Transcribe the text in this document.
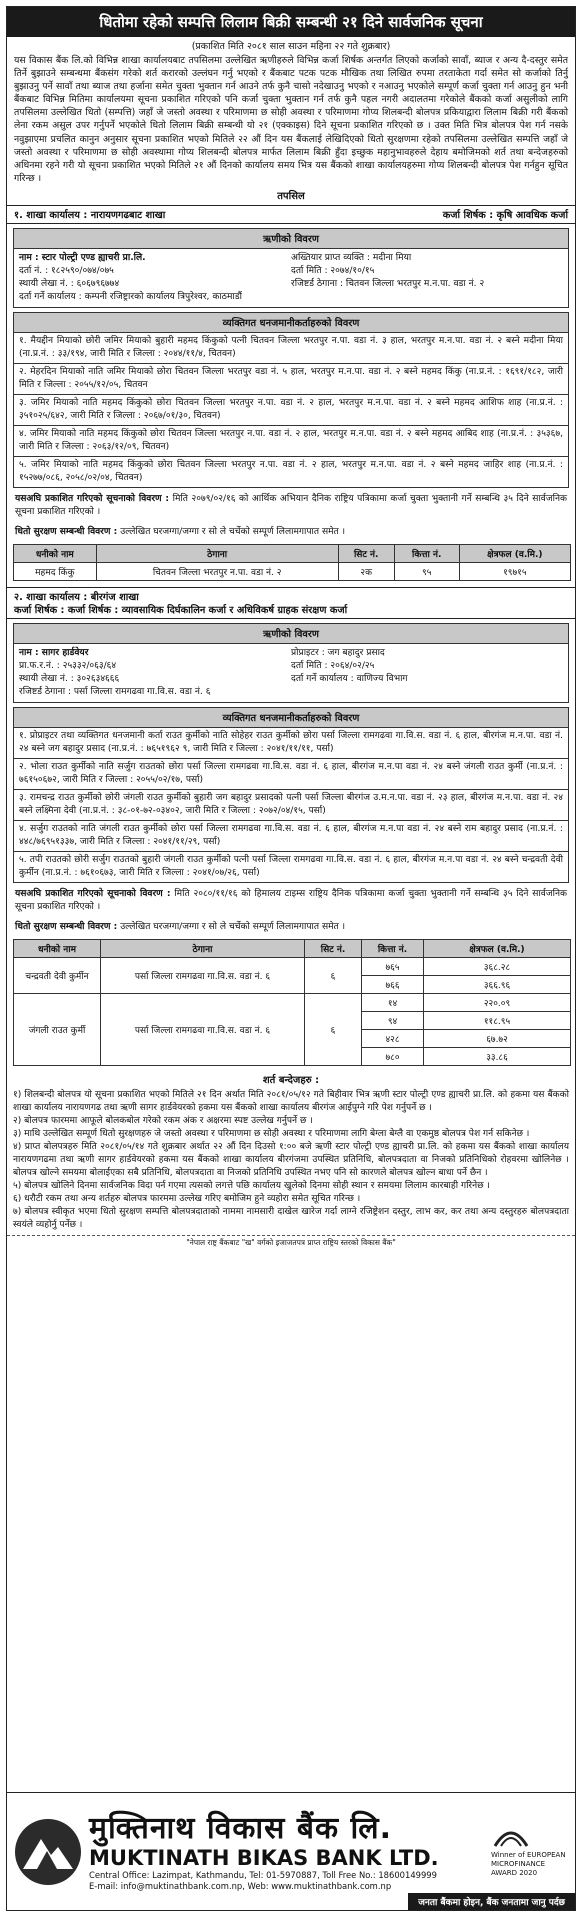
धितोमा रहेको सम्पत्ति लिलाम बिक्री सम्बन्धी २१ दिने सार्वजनिक सूचना
(प्रकाशित मिति २०८१ साल साउन महिना २२ गते शुक्रबार)
यस विकास बैंक लि.को विभिन्न शाखा कार्यालयबाट तपसिलमा उल्लेखित ऋणीहरुले विभिन्न कर्जा शिर्षक अन्तर्गत लिएको कर्जाको सावाँ, ब्याज र अन्य दै-दस्तुर समेत तिर्ने बुझाउने सम्बन्धमा बैंकसंग गरेको शर्त करारको उल्लंघन गर्नु भएको र बैंकबाट पटक पटक मौखिक तथा लिखित रुपमा तरताकेता गर्दा समेत सो कर्जाको तिर्नु बुझाउनु पर्ने सावाँ तथा ब्याज तथा हर्जाना समेत चुक्ता भुक्तान गर्न आउने तर्फ कुनै चासो नदेखाउनु भएको र नआउनु भएकोले सम्पूर्ण कर्जा चुक्ता गर्न आउनु हुन भनी बैंकबाट विभिन्न मितिमा कार्यालयमा सूचना प्रकाशित गरिएको पनि कर्जा चुक्ता भुक्तान गर्न तर्फ कुनै पहल नगरी अदालतमा गरेकोले बैंकको कर्जा असुलीको लागि तपसिलमा उल्लेखित धितो (सम्पत्ति) जहाँ जे जस्तो अवस्था र परिमाणमा छ सोही अवस्था र परिमाणमा गोप्य शिलबन्दी बोलपत्र प्रकियाद्वारा लिलाम बिक्री गरी बैंकको लेना रकम असुल उपर गर्नुपर्ने भएकोले धितो लिलाम बिक्री सम्बन्धी यो २१ (एक्काइस) दिने सूचना प्रकाशित गरिएको छ । उक्त मिति भित्र बोलपत्र पेश गर्न नसके नवुझाएमा प्रचलित कानुन अनुसार सूचना प्रकाशित भएको मितिले २२ औं दिन यस बैंकलाई लेखिदिएको धितो सुरक्षणमा रहेको तपसिलमा उल्लेखित सम्पत्ति जहाँ जे जस्तो अवस्था र परिमाणमा छ सोही अवस्थामा गोप्य शिलबन्दी बोलपत्र मार्फत लिलाम बिक्री हुँदा इच्छुक महानुभावहरुले देहाय बमोजिमको शर्त तथा बन्देजहरुको अधिनमा रहने गरी यो सूचना प्रकाशित भएको मितिले २१ औं दिनको कार्यालय समय भित्र यस बैंकको शाखा कार्यालयहरुमा गोप्य शिलबन्दी बोलपत्र पेश गर्नहुन सूचित गरिन्छ ।
तपसिल
१. शाखा कार्यालय : नारायणगढबाट शाखा	कर्जा शिर्षक : कृषि आवधिक कर्जा
ऋणीको विवरण
नाम : स्टार पोल्ट्री एण्ड ह्याचरी प्रा.लि.	अख्तियार प्राप्त व्यक्ति : मदीना मिया
दर्ता नं. : १८२५९०/०७४/०७५	दर्ता मिति : २०७४/१०/१५
स्थायी लेखा नं. : ६०६७९६७७४	रजिष्टर्ड ठेगाना : चितवन जिल्ला भरतपुर म.न.पा. वडा नं. २
दर्ता गर्ने कार्यालय : कम्पनी रजिष्ट्रारको कार्यालय त्रिपुरेश्वर, काठमाडौं
व्यक्तिगत धनजमानीकर्ताहरुको विवरण
१. मैयद्दीन मियाको छोरी जमिर मियाको बुहारी महमद किंकुको पत्नी चितवन जिल्ला भरतपुर न.पा. वडा नं. ३ हाल, भरतपुर म.न.पा. वडा नं. २ बस्ने मदीना मिया (ना.प्र.नं. : ३३/१९४, जारी मिति र जिल्ला : २०४४/११/४, चितवन)
२. मेहरदिन मियाको नाति जमिर मियाको छोरा चितवन जिल्ला भरतपुर वडा नं. ५ हाल, भरतपुर म.न.पा. वडा नं. २ बस्ने महमद किंकु (ना.प्र.नं. : १६९१/१८२, जारी मिति र जिल्ला : २०५५/१२/०५, चितवन
३. जमिर मियाको नाति महमद किंकुको छोरा चितवन जिल्ला भरतपुर न.पा. वडा नं. २ हाल, भरतपुर म.न.पा. वडा नं. २ बस्ने महमद आशिफ शाह (ना.प्र.नं. : ३५१०२५/६४२, जारी मिति र जिल्ला : २०६७/०१/३०, चितवन)
४. जमिर मियाको नाति महमद किंकुको छोरा चितवन जिल्ला भरतपुर न.पा. वडा नं. २ हाल, भरतपुर म.न.पा. वडा नं. २ बस्ने महमद आबिद शाह (ना.प्र.नं. : ३५३६७, जारी मिति र जिल्ला : २०६३/१२/०९, चितवन)
५. जमिर मियाको नाति महमद किंकुको छोरा चितवन जिल्ला भरतपुर न.पा. वडा नं. २ हाल, भरतपुर म.न.पा. वडा नं. २ बस्ने महमद जाहिर शाह (ना.प्र.नं. : १५२७७/०८६, २०५८/०२/०४, चितवन)
यसअघि प्रकाशित गरिएको सूचनाको विवरण : मिति २०७९/०२/१६ को आर्थिक अभियान दैनिक राष्ट्रिय पत्रिकामा कर्जा चुक्ता भुक्तानी गर्ने सम्बन्धि ३५ दिने सार्वजनिक सूचना प्रकाशित गरिएको ।
धितो सुरक्षण सम्बन्धी विवरण : उल्लेखित घरजग्गा/जग्गा र सो ले चर्चेको सम्पूर्ण लिलामगापात समेत ।
धनीको नाम	ठेगाना	सिट नं.	कित्ता नं.	क्षेत्रफल (व.मि.)
महमद किंकु	चितवन जिल्ला भरतपुर न.पा. वडा नं. २	२क	९५	१९७१५
२. शाखा कार्यालय : बीरगंज शाखा
कर्जा शिर्षक : कर्जा शिर्षक : व्यावसायिक दिर्घकालिन कर्जा र अधिविकर्ष ग्राहक संरक्षण कर्जा
ऋणीको विवरण
नाम : सागर हार्डवेयर	प्रोप्राइटर : जग बहादुर प्रसाद
प्रा.फ.र.नं. : २५३३२/०६३/६४	दर्ता मिति : २०६४/०२/२५
स्थायी लेखा नं. : ३०२६३४६६६	दर्ता गर्ने कार्यालय : वाणिज्य विभाग
रजिष्टर्ड ठेगाना : पर्सा जिल्ला रामगढवा गा.वि.स. वडा नं. ६
व्यक्तिगत धनजमानीकर्ताहरुको विवरण
१. प्रोप्राइटर तथा व्यक्तिगत धनजमानी कर्ता राउत कुर्मीको नाति सोहेहर राउत कुर्मीको छोरा पर्सा जिल्ला रामगढवा गा.वि.स. वडा नं. ६ हाल, बीरगंज म.न.पा. वडा नं. २४ बस्ने जग बहादुर प्रसाद (ना.प्र.नं. : ७६५१९६२ ९, जारी मिति र जिल्ला : २०४१/११/११, पर्सा)
२. भोला राउत कुर्मीको नाति सर्जुग राउतको छोरा पर्सा जिल्ला रामगढवा गा.वि.स. वडा नं. ६ हाल, बीरगंज म.न.पा वडा नं. २४ बस्ने जंगली राउत कुर्मी (ना.प्र.नं. : ७६१५०६७२, जारी मिति र जिल्ला : २०५५/०२/१७, पर्सा)
३. रामचन्द्र राउत कुर्मीको छोरी जंगली राउत कुर्मीको बुहारी जग बहादुर प्रसादको पत्नी पर्सा जिल्ला बीरगंज उ.म.न.पा. वडा नं. २३ हाल, बीरगंज म.न.पा. वडा नं. २४ बस्ने लक्ष्मिना देवी (ना.प्र.नं. : ३८-०१-७२-०३४०२, जारी मिति र जिल्ला : २०७२/०४/१५, पर्सा)
४. सर्जुग राउतको नाति जंगली राउत कुर्मीको छोरा पर्सा जिल्ला रामगढवा गा.वि.स. वडा नं. ६ हाल, बीरगंज म.न.पा वडा नं. २४ बस्ने राम बहादुर प्रसाद (ना.प्र.नं. : ४४८/७६९५१३३७, जारी मिति र जिल्ला : २०४१/११/२९, पर्सा)
५. तपी राउतको छोरी सर्जुग राउतको बुहारी जंगली राउत कुर्मीको पत्नी पर्सा जिल्ला रामगढवा गा.वि.स. वडा नं. ६ हाल, बीरगंज म.न.पा वडा नं. २४ बस्ने चन्द्रवती देवी कुर्मीन (ना.प्र.नं. : ७६१०६७३, जारी मिति र जिल्ला : २०४१/०७/२६, पर्सा)
यसअघि प्रकाशित गरिएको सूचनाको विवरण : मिति २०८०/११/१६ को हिमालय टाइम्स राष्ट्रिय दैनिक पत्रिकामा कर्जा चुक्ता भुक्तानी गर्ने सम्बन्धि ३५ दिने सार्वजनिक सूचना प्रकाशित गरिएको ।
धितो सुरक्षण सम्बन्धी विवरण : उल्लेखित घरजग्गा/जग्गा र सो ले चर्चेको सम्पूर्ण लिलामगापात समेत ।
धनीको नाम	ठेगाना	सिट नं.	कित्ता नं.	क्षेत्रफल (व.मि.)
चन्द्रवती देवी कुर्मीन	पर्सा जिल्ला रामगढवा गा.वि.स. वडा नं. ६	६	७६५	३६८.२८
			७६६	३६६.९६
जंगली राउत कुर्मी	पर्सा जिल्ला रामगढवा गा.वि.स. वडा नं. ६	६	१४	२२०.०९
			९४	११८.९५
			४२८	६७.७२
			७८०	३३.८६
शर्त बन्देजहरु :
१) शिलबन्दी बोलपत्र यो सूचना प्रकाशित भएको मितिले २१ दिन अर्थात मिति २०८१/०५/१२ गते बिहीवार भित्र ऋणी स्टार पोल्ट्री एण्ड ह्याचरी प्रा.लि. को हकमा यस बैंकको शाखा कार्यालय नारायणगढ तथा ऋणी सागर हार्डवेयरको हकमा यस बैंकको शाखा कार्यालय बीरगंज आईपुग्ने गरि पेश गर्नुपर्ने छ ।
२) बोलपत्र फारममा आफूले बोलकबोल गरेको रकम अंक र अक्षरमा स्पष्ट उल्लेख गर्नुपर्ने छ ।
३) माथि उल्लेखित सम्पूर्ण धितो सुरक्षणहरु जे जस्तो अवस्था र परिमाणमा छ सोही अवस्था र परिमाणमा लागि बेग्ला बेग्लै वा एकमुष्ठ बोलपत्र पेश गर्न सकिनेछ ।
४) प्राप्त बोलपत्रहरु मिति २०८१/०५/१४ गते शुक्रबार अर्थात २२ औं दिन दिउसो १:०० बजे ऋणी स्टार पोल्ट्री एण्ड ह्याचरी प्रा.लि. को हकमा यस बैंकको शाखा कार्यालय नारायणगढमा तथा ऋणी सागर हार्डवेयरको हकमा यस बैंकको शाखा कार्यालय बीरगंजमा उपस्थित प्रतिनिधि, बोलपत्रदाता वा निजको प्रतिनिधिको रोहवरमा खोलिनेछ । बोलपत्र खोल्ने समयमा बोलाईएका सबै प्रतिनिधि, बोलपत्रदाता वा निजको प्रतिनिधि उपस्थित नभए पनि सो कारणले बोलपत्र खोल्न बाधा पर्ने छैन ।
५) बोलपत्र खोलिने दिनमा सार्वजनिक विदा पर्न गएमा त्यसको लगत्ते पछि कार्यालय खुलेको दिनमा सोही स्थान र समयमा लिलाम कारबाही गरिनेछ ।
६) धरौटी रकम तथा अन्य शर्तहरु बोलपत्र फारममा उल्लेख गरिए बमोजिम हुने व्यहोरा समेत सूचित गरिन्छ ।
७) बोलपत्र स्वीकृत भएमा धितो सुरक्षण सम्पत्ति बोलपत्रदाताको नाममा नामसारी दाखेल खारेज गर्दा लाग्ने रजिष्ट्रेशन दस्तुर, लाभ कर, कर तथा अन्य दस्तुरहरु बोलपत्रदाता स्वयंले व्यहोर्नु पर्नेछ ।
"नेपाल राष्ट्र बैंकबाट "ख" वर्गको इजाजतपत्र प्राप्त राष्ट्रिय स्तरको विकास बैंक"
मुक्तिनाथ विकास बैंक लि.
MUKTINATH BIKAS BANK LTD.
Central Office: Lazimpat, Kathmandu, Tel: 01-5970887, Toll Free No.: 18600149999
E-mail: info@muktinathbank.com.np, Web: www.muktinathbank.com.np
Winner of EUROPEAN MICROFINANCE AWARD 2020
जनता बैंकमा होइन, बैंक जनतामा जानु पर्दछ
